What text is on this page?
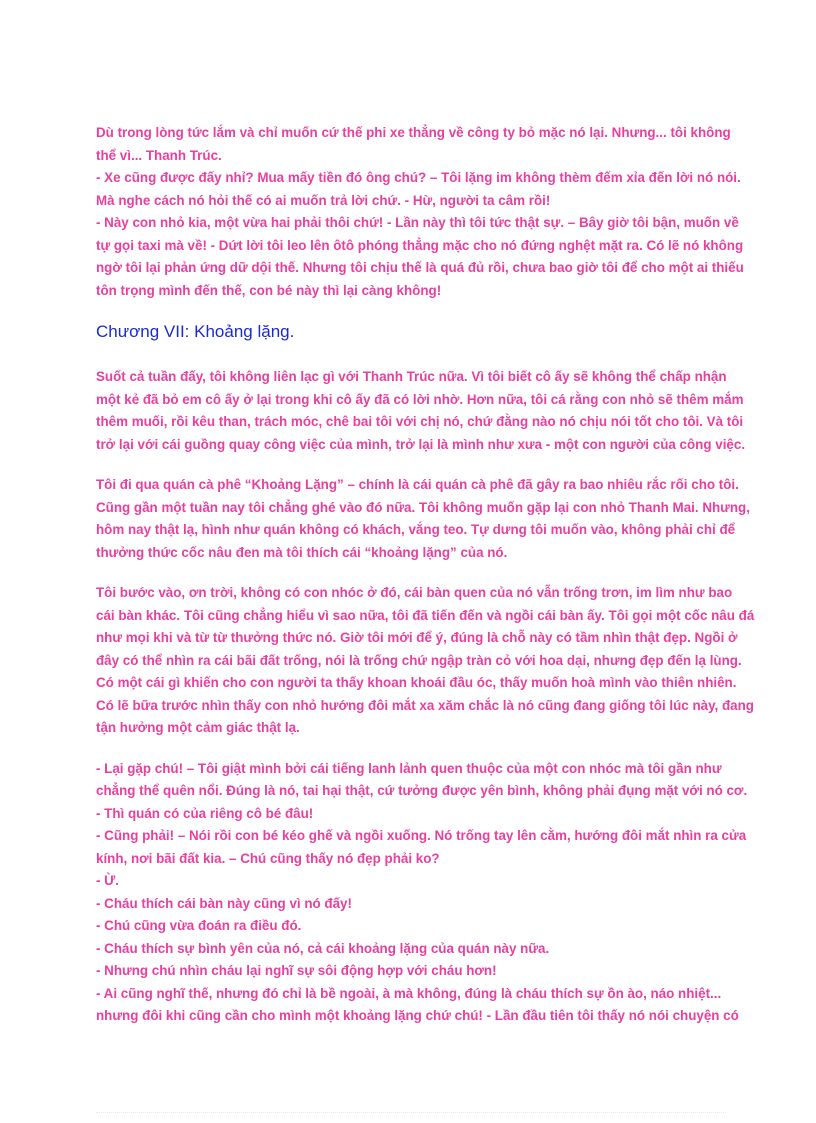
Dù trong lòng tức lắm và chỉ muốn cứ thế phi xe thẳng về công ty bỏ mặc nó lại. Nhưng... tôi không
thể vì... Thanh Trúc.
- Xe cũng được đấy nhỉ? Mua mấy tiền đó ông chú? – Tôi lặng im không thèm đếm xỉa đến lời nó nói.
Mà nghe cách nó hỏi thế có ai muốn trả lời chứ. - Hừ, người ta câm rồi!
- Này con nhỏ kia, một vừa hai phải thôi chứ! - Lần này thì tôi tức thật sự. – Bây giờ tôi bận, muốn về
tự gọi taxi mà về! - Dứt lời tôi leo lên ôtô phóng thẳng mặc cho nó đứng nghệt mặt ra. Có lẽ nó không
ngờ tôi lại phản ứng dữ dội thế. Nhưng tôi chịu thế là quá đủ rồi, chưa bao giờ tôi để cho một ai thiếu
tôn trọng mình đến thế, con bé này thì lại càng không!
Chương VII: Khoảng lặng.
Suốt cả tuần đấy, tôi không liên lạc gì với Thanh Trúc nữa. Vì tôi biết cô ấy sẽ không thể chấp nhận
một kẻ đã bỏ em cô ấy ở lại trong khi cô ấy đã có lời nhờ. Hơn nữa, tôi cá rằng con nhỏ sẽ thêm mắm
thêm muối, rồi kêu than, trách móc, chê bai tôi với chị nó, chứ đằng nào nó chịu nói tốt cho tôi. Và tôi
trở lại với cái guồng quay công việc của mình, trở lại là mình như xưa - một con người của công việc.
Tôi đi qua quán cà phê “Khoảng Lặng” – chính là cái quán cà phê đã gây ra bao nhiêu rắc rối cho tôi.
Cũng gần một tuần nay tôi chẳng ghé vào đó nữa. Tôi không muốn gặp lại con nhỏ Thanh Mai. Nhưng,
hôm nay thật lạ, hình như quán không có khách, vắng teo. Tự dưng tôi muốn vào, không phải chỉ để
thưởng thức cốc nâu đen mà tôi thích cái “khoảng lặng” của nó.
Tôi bước vào, ơn trời, không có con nhóc ở đó, cái bàn quen của nó vẫn trống trơn, im lìm như bao
cái bàn khác. Tôi cũng chẳng hiểu vì sao nữa, tôi đã tiến đến và ngồi cái bàn ấy. Tôi gọi một cốc nâu đá
như mọi khi và từ từ thưởng thức nó. Giờ tôi mới để ý, đúng là chỗ này có tầm nhìn thật đẹp. Ngồi ở
đây có thể nhìn ra cái bãi đất trống, nói là trống chứ ngập tràn cỏ với hoa dại, nhưng đẹp đến lạ lùng.
Có một cái gì khiến cho con người ta thấy khoan khoái đầu óc, thấy muốn hoà mình vào thiên nhiên.
Có lẽ bữa trước nhìn thấy con nhỏ hướng đôi mắt xa xăm chắc là nó cũng đang giống tôi lúc này, đang
tận hưởng một cảm giác thật lạ.
- Lại gặp chú! – Tôi giật mình bởi cái tiếng lanh lảnh quen thuộc của một con nhóc mà tôi gần như
chẳng thể quên nổi. Đúng là nó, tai hại thật, cứ tưởng được yên bình, không phải đụng mặt với nó cơ.
- Thì quán có của riêng cô bé đâu!
- Cũng phải! – Nói rồi con bé kéo ghế và ngồi xuống. Nó trống tay lên cằm, hướng đôi mắt nhìn ra cửa
kính, nơi bãi đất kia. – Chú cũng thấy nó đẹp phải ko?
- Ừ.
- Cháu thích cái bàn này cũng vì nó đấy!
- Chú cũng vừa đoán ra điều đó.
- Cháu thích sự bình yên của nó, cả cái khoảng lặng của quán này nữa.
- Nhưng chú nhìn cháu lại nghĩ sự sôi động hợp với cháu hơn!
- Ai cũng nghĩ thế, nhưng đó chỉ là bề ngoài, à mà không, đúng là cháu thích sự ồn ào, náo nhiệt...
nhưng đôi khi cũng cần cho mình một khoảng lặng chứ chú! - Lần đầu tiên tôi thấy nó nói chuyện có
